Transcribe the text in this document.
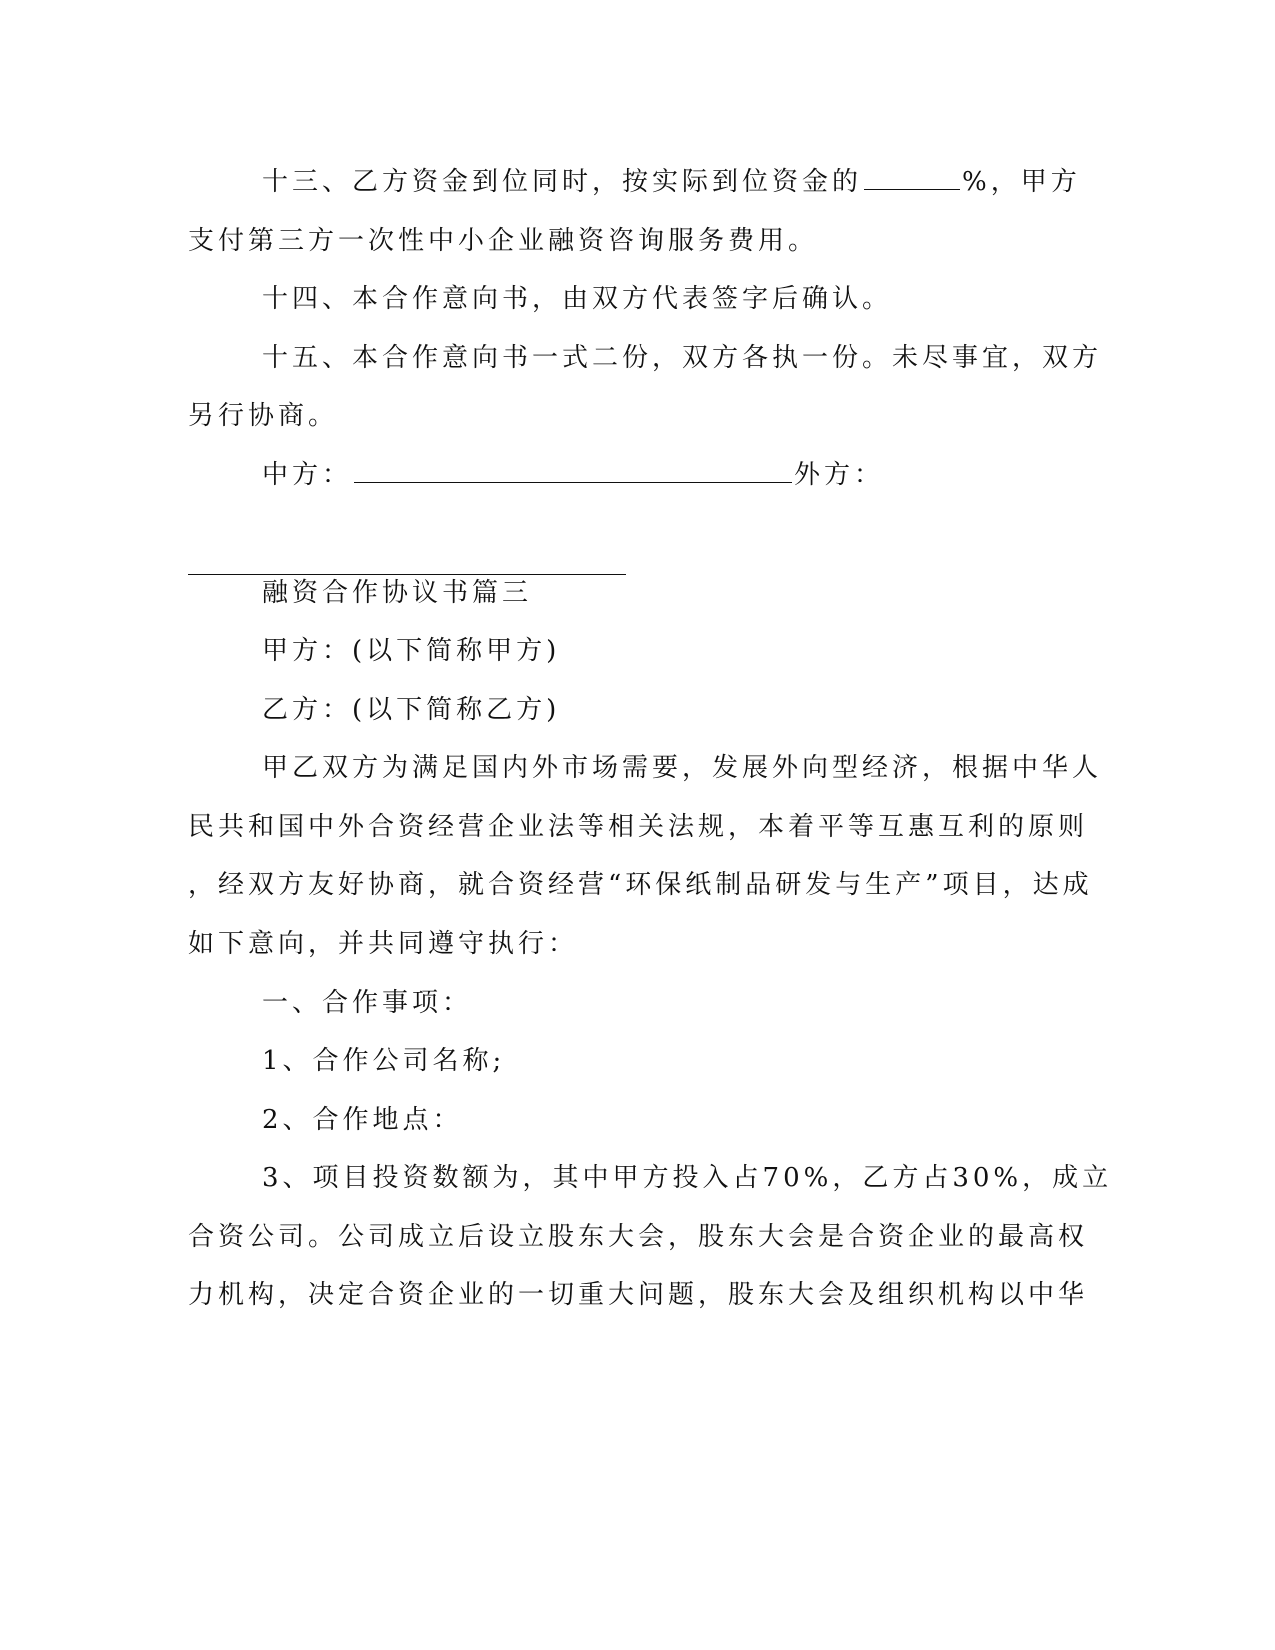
十三、乙方资金到位同时，按实际到位资金的	%，甲方
支付第三方一次性中小企业融资咨询服务费用。
十四、本合作意向书，由双方代表签字后确认。
十五、本合作意向书一式二份，双方各执一份。未尽事宜，双方
另行协商。
中方：	外方：
融资合作协议书篇三
甲方：(以下简称甲方)
乙方：(以下简称乙方)
甲乙双方为满足国内外市场需要，发展外向型经济，根据中华人
民共和国中外合资经营企业法等相关法规，本着平等互惠互利的原则
，经双方友好协商，就合资经营“环保纸制品研发与生产”项目，达成
如下意向，并共同遵守执行：
一、合作事项：
1、合作公司名称;
2、合作地点：
3、项目投资数额为，其中甲方投入占70%，乙方占30%，成立
合资公司。公司成立后设立股东大会，股东大会是合资企业的最高权
力机构，决定合资企业的一切重大问题，股东大会及组织机构以中华
